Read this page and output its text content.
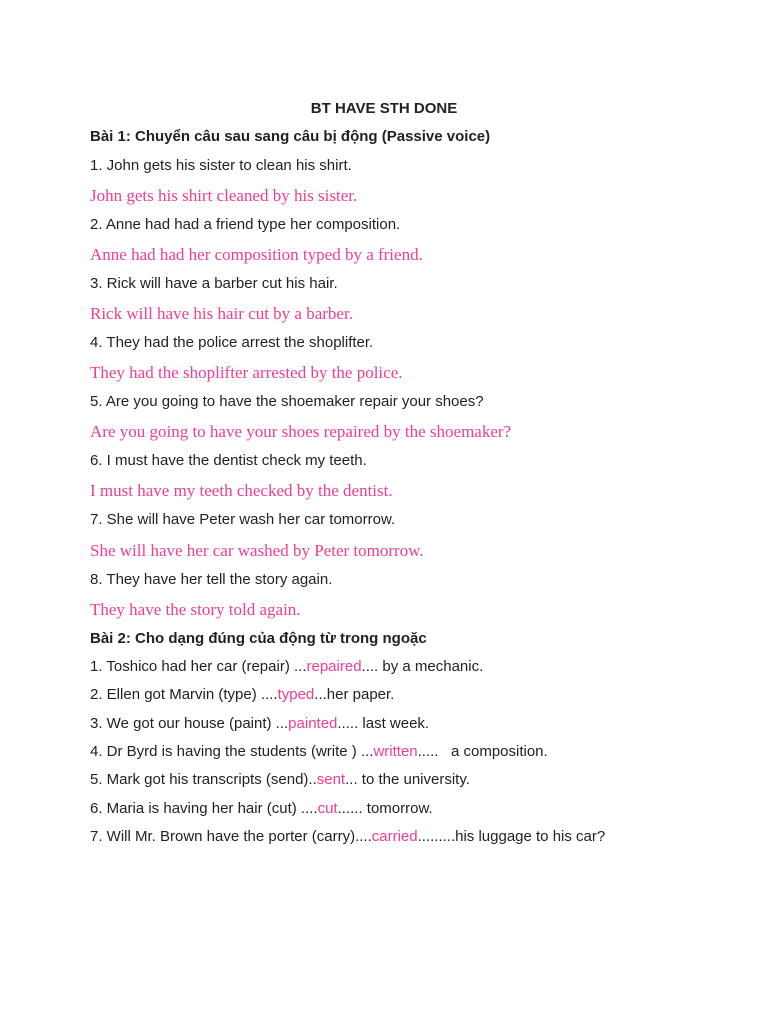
BT HAVE STH DONE
Bài 1: Chuyển câu sau sang câu bị động (Passive voice)
1. John gets his sister to clean his shirt.
John gets his shirt cleaned by his sister.
2. Anne had had a friend type her composition.
Anne had had her composition typed by a friend.
3. Rick will have a barber cut his hair.
Rick will have his hair cut by a barber.
4. They had the police arrest the shoplifter.
They had the shoplifter arrested by the police.
5. Are you going to have the shoemaker repair your shoes?
Are you going to have your shoes repaired by the shoemaker?
6. I must have the dentist check my teeth.
I must have my teeth checked by the dentist.
7. She will have Peter wash her car tomorrow.
She will have her car washed by Peter tomorrow.
8. They have her tell the story again.
They have the story told again.
Bài 2: Cho dạng đúng của động từ trong ngoặc
1. Toshico had her car (repair) ...repaired.... by a mechanic.
2. Ellen got Marvin (type) ....typed...her paper.
3. We got our house (paint) ...painted..... last week.
4. Dr Byrd is having the students (write ) ...written.....   a composition.
5. Mark got his transcripts (send)..sent... to the university.
6. Maria is having her hair (cut) ....cut...... tomorrow.
7. Will Mr. Brown have the porter (carry)....carried.........his luggage to his car?
